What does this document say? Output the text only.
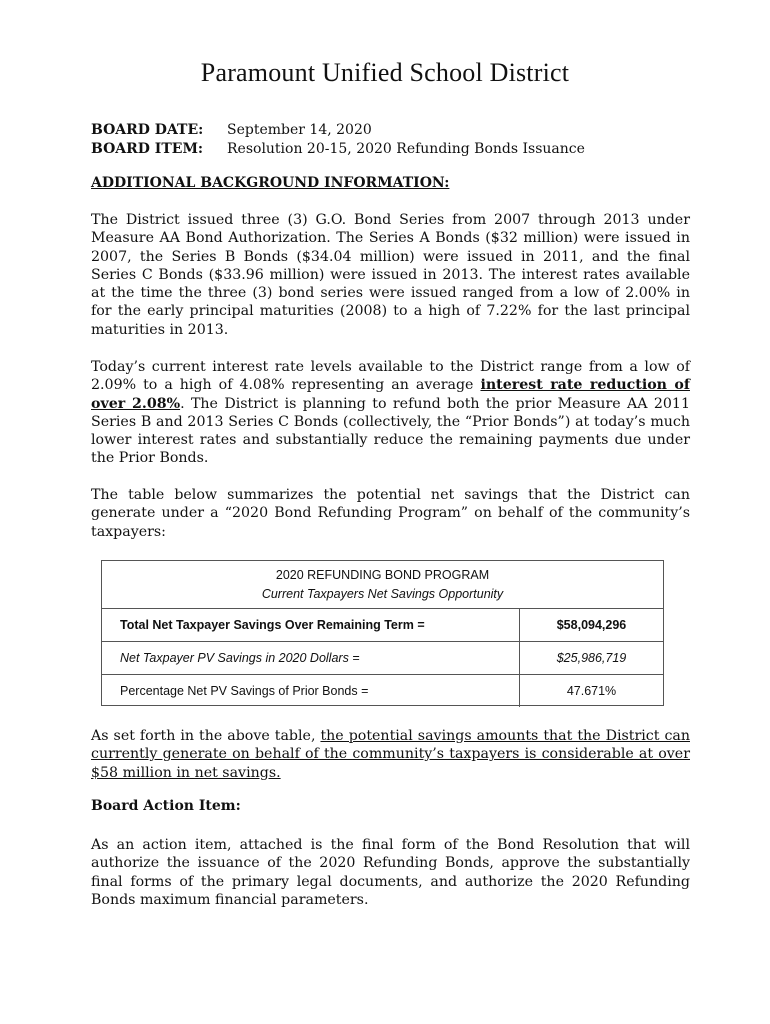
Paramount Unified School District
BOARD DATE:	September 14, 2020
BOARD ITEM:	Resolution 20-15, 2020 Refunding Bonds Issuance
ADDITIONAL BACKGROUND INFORMATION:

The District issued three (3) G.O. Bond Series from 2007 through 2013 under Measure AA Bond Authorization. The Series A Bonds ($32 million) were issued in 2007, the Series B Bonds ($34.04 million) were issued in 2011, and the final Series C Bonds ($33.96 million) were issued in 2013. The interest rates available at the time the three (3) bond series were issued ranged from a low of 2.00% in for the early principal maturities (2008) to a high of 7.22% for the last principal maturities in 2013.

Today’s current interest rate levels available to the District range from a low of 2.09% to a high of 4.08% representing an average interest rate reduction of over 2.08%. The District is planning to refund both the prior Measure AA 2011 Series B and 2013 Series C Bonds (collectively, the “Prior Bonds”) at today’s much lower interest rates and substantially reduce the remaining payments due under the Prior Bonds.

The table below summarizes the potential net savings that the District can generate under a “2020 Bond Refunding Program” on behalf of the community’s taxpayers:

2020 REFUNDING BOND PROGRAM
Current Taxpayers Net Savings Opportunity
Total Net Taxpayer Savings Over Remaining Term =	$58,094,296
Net Taxpayer PV Savings in 2020 Dollars =	$25,986,719
Percentage Net PV Savings of Prior Bonds =	47.671%

As set forth in the above table, the potential savings amounts that the District can currently generate on behalf of the community’s taxpayers is considerable at over $58 million in net savings.

Board Action Item:

As an action item, attached is the final form of the Bond Resolution that will authorize the issuance of the 2020 Refunding Bonds, approve the substantially final forms of the primary legal documents, and authorize the 2020 Refunding Bonds maximum financial parameters.
